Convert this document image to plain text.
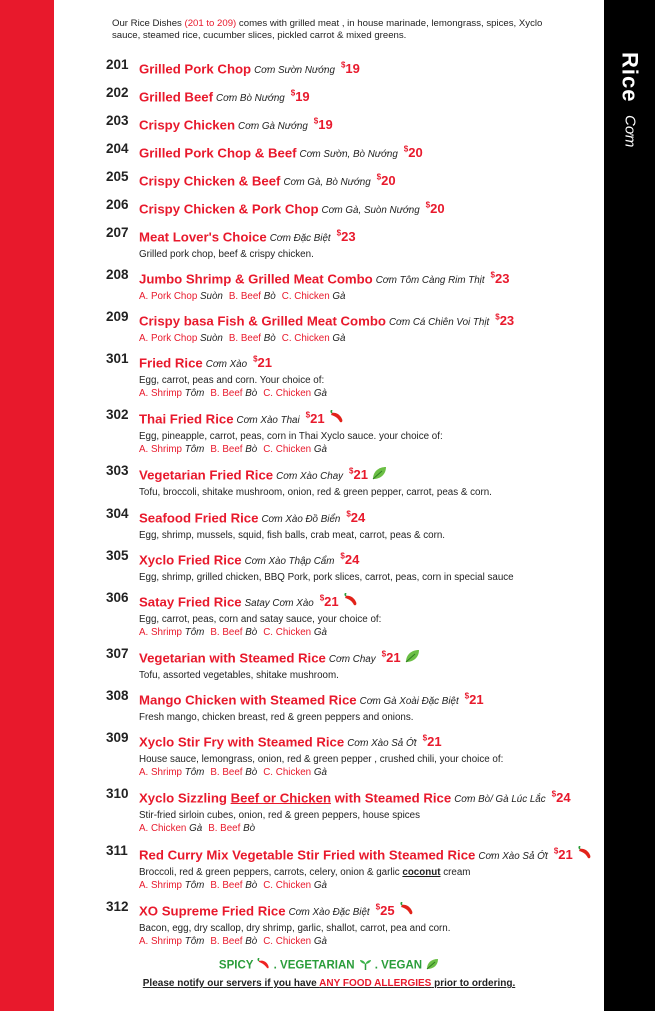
Rice Cơm

Our Rice Dishes (201 to 209) comes with grilled meat , in house marinade, lemongrass, spices, Xyclo sauce, steamed rice, cucumber slices, pickled carrot & mixed greens.

201 Grilled Pork Chop Cơm Sườn Nướng $19
202 Grilled Beef Cơm Bò Nướng $19
203 Crispy Chicken Cơm Gà Nướng $19
204 Grilled Pork Chop & Beef Cơm Sườn, Bò Nướng $20
205 Crispy Chicken & Beef Cơm Gà, Bò Nướng $20
206 Crispy Chicken & Pork Chop Cơm Gà, Suòn Nướng $20
207 Meat Lover's Choice Cơm Đặc Biệt $23
Grilled pork chop, beef & crispy chicken.
208 Jumbo Shrimp & Grilled Meat Combo Cơm Tôm Càng Rim Thịt $23
A. Pork Chop Suòn B. Beef Bò C. Chicken Gà
209 Crispy basa Fish & Grilled Meat Combo Cơm Cá Chiên Voi Thịt $23
A. Pork Chop Suòn B. Beef Bò C. Chicken Gà
301 Fried Rice Cơm Xào $21
Egg, carrot, peas and corn. Your choice of:
A. Shrimp Tôm B. Beef Bò C. Chicken Gà
302 Thai Fried Rice Cơm Xào Thai $21
Egg, pineapple, carrot, peas, corn in Thai Xyclo sauce. your choice of:
A. Shrimp Tôm B. Beef Bò C. Chicken Gà
303 Vegetarian Fried Rice Cơm Xào Chay $21
Tofu, broccoli, shitake mushroom, onion, red & green pepper, carrot, peas & corn.
304 Seafood Fried Rice Cơm Xào Đồ Biển $24
Egg, shrimp, mussels, squid, fish balls, crab meat, carrot, peas & corn.
305 Xyclo Fried Rice Cơm Xào Thập Cẩm $24
Egg, shrimp, grilled chicken, BBQ Pork, pork slices, carrot, peas, corn in special sauce
306 Satay Fried Rice Satay Cơm Xào $21
Egg, carrot, peas, corn and satay sauce, your choice of:
A. Shrimp Tôm B. Beef Bò C. Chicken Gà
307 Vegetarian with Steamed Rice Cơm Chay $21
Tofu, assorted vegetables, shitake mushroom.
308 Mango Chicken with Steamed Rice Cơm Gà Xoài Đặc Biệt $21
Fresh mango, chicken breast, red & green peppers and onions.
309 Xyclo Stir Fry with Steamed Rice Cơm Xào Sả Ớt $21
House sauce, lemongrass, onion, red & green pepper , crushed chili, your choice of:
A. Shrimp Tôm B. Beef Bò C. Chicken Gà
310 Xyclo Sizzling Beef or Chicken with Steamed Rice Cơm Bò/ Gà Lúc Lắc $24
Stir-fried sirloin cubes, onion, red & green peppers, house spices
A. Chicken Gà B. Beef Bò
311 Red Curry Mix Vegetable Stir Fried with Steamed Rice Cơm Xào Sả Ớt $21
Broccoli, red & green peppers, carrots, celery, onion & garlic coconut cream
A. Shrimp Tôm B. Beef Bò C. Chicken Gà
312 XO Supreme Fried Rice Cơm Xào Đặc Biệt $25
Bacon, egg, dry scallop, dry shrimp, garlic, shallot, carrot, pea and corn.
A. Shrimp Tôm B. Beef Bò C. Chicken Gà
SPICY . VEGETARIAN . VEGAN
Please notify our servers if you have ANY FOOD ALLERGIES prior to ordering.
